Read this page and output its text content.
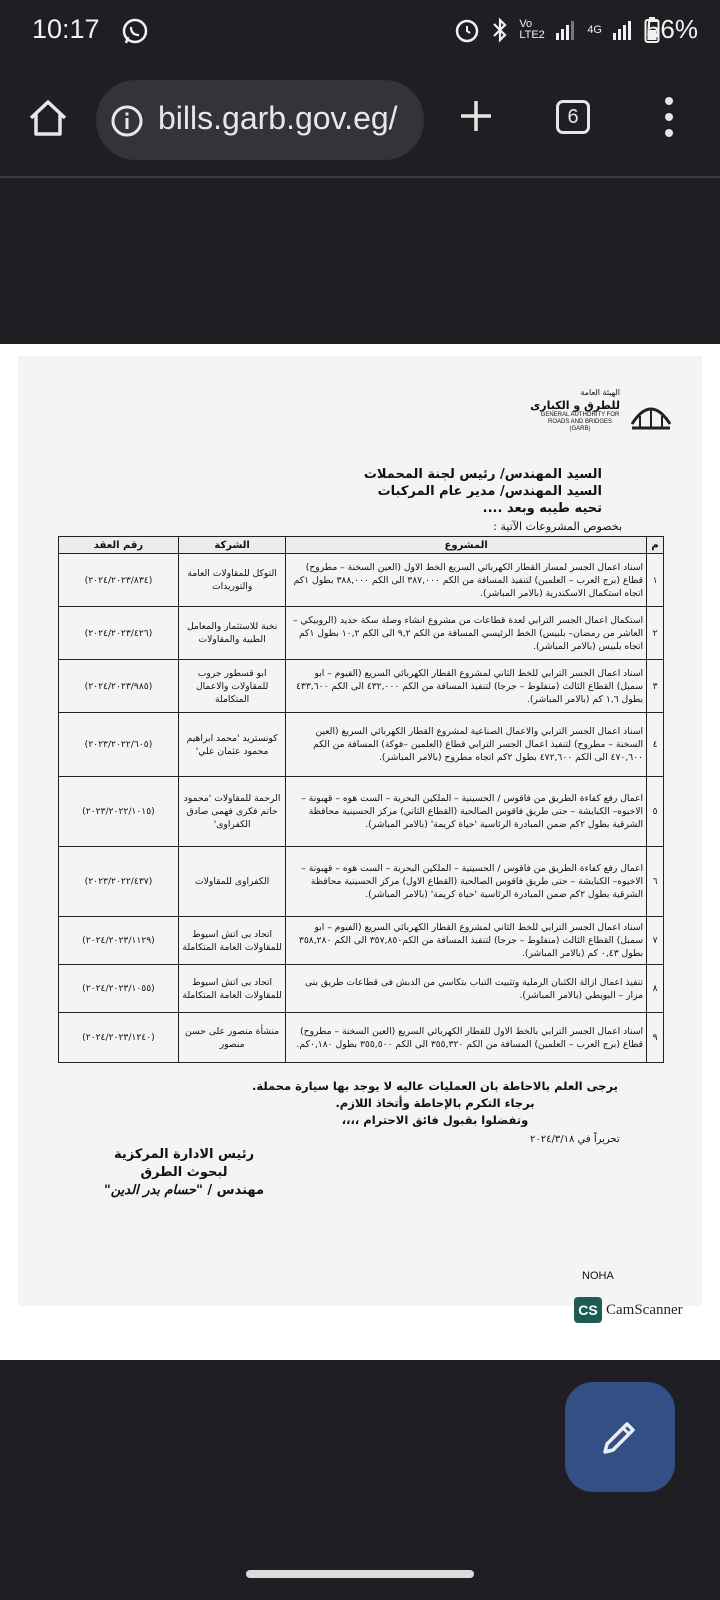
10:17	Vo LTE2	4G 56%
bills.garb.gov.eg/	6
الهيئة العامة
للطرق و الكبارى
GENERAL AUTHORITY FOR ROADS AND BRIDGES (GARB)
السيد المهندس/ رئيس لجنة المحملات
السيد المهندس/ مدير عام المركبات
تحيه طيبه وبعد ....
بخصوص المشروعات الآتية :
م	المشروع	الشركة	رقم العقد
١	اسناد اعمال الجسر لمسار القطار الكهربائي السريع الخط الاول (العين السخنة – مطروح) قطاع (برج العرب – العلمين) لتنفيذ المسافة من الكم ٣٨٧,٠٠٠ الى الكم ٣٨٨,٠٠٠ بطول ١كم اتجاه استكمال الاسكندرية (بالامر المباشر).	التوكل للمقاولات العامة والتوريدات	(٢٠٢٤/٢٠٢٣/٨٣٤)
٢	استكمال اعمال الجسر الترابي لعدة قطاعات من مشروع انشاء وصلة سكة حديد (الروبيكي – العاشر من رمضان– بلبيس) الخط الرئيسي المسافة من الكم ٩,٢ الى الكم ١٠,٢ بطول ١كم اتجاه بلبيس (بالامر المباشر).	نخبة للاستثمار والمعامل الطبية والمقاولات	(٢٠٢٤/٢٠٢٣/٤٢٦)
٣	اسناد اعمال الجسر الترابي للخط الثاني لمشروع القطار الكهربائي السريع (الفيوم – ابو سمبل) القطاع الثالث (منفلوط – جرجا) لتنفيذ المسافة من الكم ٤٣٢,٠٠٠ الى الكم ٤٣٣,٦٠٠ بطول ١,٦ كم (بالامر المباشر).	ابو قسطور جروب للمقاولات والاعمال المتكاملة	(٢٠٢٤/٢٠٢٣/٩٨٥)
٤	اسناد اعمال الجسر الترابي والاعمال الصناعية لمشروع القطار الكهربائي السريع (العين السخنة – مطروح) لتنفيذ اعمال الجسر الترابي قطاع (العلمين –فوكة) المسافة من الكم ٤٧٠,٦٠٠ الى الكم ٤٧٢,٦٠٠ بطول ٢كم اتجاه مطروح (بالامر المباشر).	كونستريد 'محمد ابراهيم محمود عثمان علي'	(٢٠٢٣/٢٠٢٢/٦٠٥)
٥	اعمال رفع كفاءة الطريق من فاقوس / الحسينية – الملكين البحرية – الست هوه – قهبونة – الاخيوه– الكبايشة – حتى طريق فاقوس الصالحية (القطاع الثاني) مركز الحسينية محافظة الشرقية بطول ٢كم ضمن المبادرة الرئاسية 'حياة كريمة' (بالامر المباشر).	الرحمة للمقاولات 'محمود حاتم فكرى فهمى صادق الكفراوى'	(٢٠٢٣/٢٠٢٢/١٠١٥)
٦	اعمال رفع كفاءة الطريق من فاقوس / الحسينية – الملكين البحرية – الست هوه – قهبونة – الاخيوه– الكبايشة – حتى طريق فاقوس الصالحية (القطاع الاول) مركز الحسينية محافظة الشرقية بطول ٢كم ضمن المبادرة الرئاسية 'حياة كريمة' (بالامر المباشر).	الكفراوى للمقاولات	(٢٠٢٣/٢٠٢٢/٤٣٧)
٧	اسناد اعمال الجسر الترابي للخط الثاني لمشروع القطار الكهربائي السريع (الفيوم – ابو سمبل) القطاع الثالث (منفلوط – جرجا) لتنفيذ المسافة من الكم٣٥٧,٨٥٠ الى الكم ٣٥٨,٢٨٠ بطول ٠,٤٣ كم (بالامر المباشر).	اتحاد بى اتش اسيوط للمقاولات العامة المتكاملة	(٢٠٢٤/٢٠٢٣/١١٢٩)
٨	تنفيذ اعمال ازالة الكثبان الرملية وتثبيت التباب بتكاسي من الدبش فى قطاعات طريق بنى مزار – البويطي (بالامر المباشر).	اتحاد بى اتش اسيوط للمقاولات العامة المتكاملة	(٢٠٢٤/٢٠٢٣/١٠٥٥)
٩	اسناد اعمال الجسر الترابي بالخط الاول للقطار الكهربائي السريع (العين السخنة – مطروح) قطاع (برج العرب – العلمين) المسافة من الكم ٣٥٥,٣٢٠ الى الكم ٣٥٥,٥٠٠ بطول ٠,١٨٠كم.	منشأة منصور على حسن منصور	(٢٠٢٤/٢٠٢٣/١٢٤٠)
يرجى العلم بالاحاطة بان العمليات عاليه لا يوجد بها سيارة محملة.
برجاء التكرم بالإحاطة وأتخاذ اللازم.
وتفضلوا بقبول فائق الاحترام ،،،،
تحريراً في ٢٠٢٤/٣/١٨
رئيس الادارة المركزية
لبحوث الطرق
مهندس / "حسام بدر الدين"
NOHA
CS CamScanner
